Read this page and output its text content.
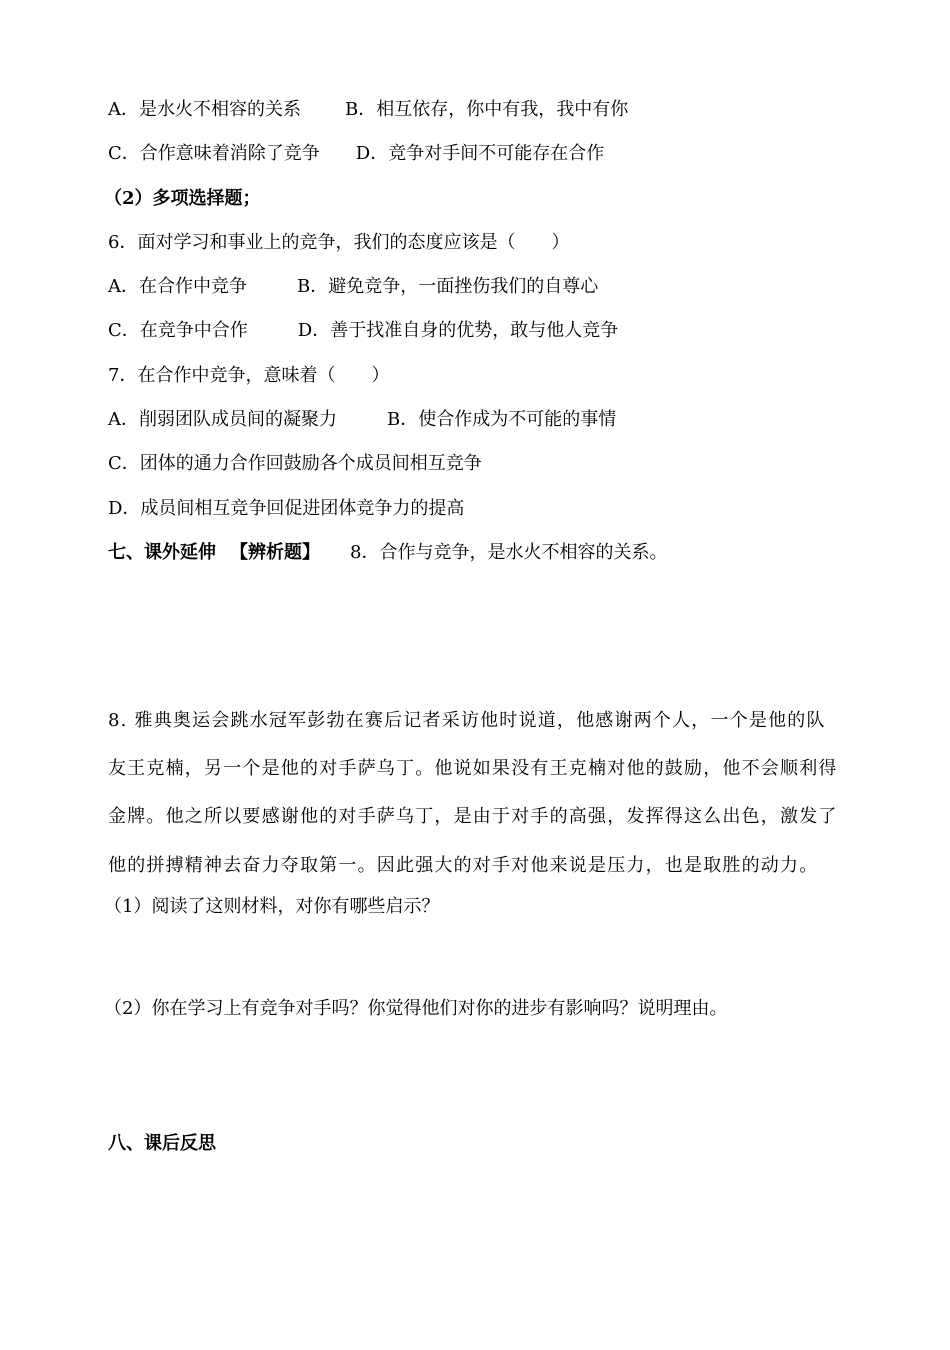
A．是水火不相容的关系 B．相互依存，你中有我，我中有你
C．合作意味着消除了竞争 D．竞争对手间不可能存在合作
（2）多项选择题；
6．面对学习和事业上的竞争，我们的态度应该是（　　）
A．在合作中竞争	B．避免竞争，一面挫伤我们的自尊心
C．在竞争中合作	D．善于找准自身的优势，敢与他人竞争
7．在合作中竞争，意味着（　　）
A．削弱团队成员间的凝聚力	B．使合作成为不可能的事情
C．团体的通力合作回鼓励各个成员间相互竞争
D．成员间相互竞争回促进团体竞争力的提高
七、课外延伸 【辨析题】 8．合作与竞争，是水火不相容的关系。
8. 雅典奥运会跳水冠军彭勃在赛后记者采访他时说道，他感谢两个人，一个是他的队
友王克楠，另一个是他的对手萨乌丁。他说如果没有王克楠对他的鼓励，他不会顺利得
金牌。他之所以要感谢他的对手萨乌丁，是由于对手的高强，发挥得这么出色，激发了
他的拼搏精神去奋力夺取第一。因此强大的对手对他来说是压力，也是取胜的动力。
（1）阅读了这则材料，对你有哪些启示？
（2）你在学习上有竞争对手吗？你觉得他们对你的进步有影响吗？说明理由。
八、课后反思
